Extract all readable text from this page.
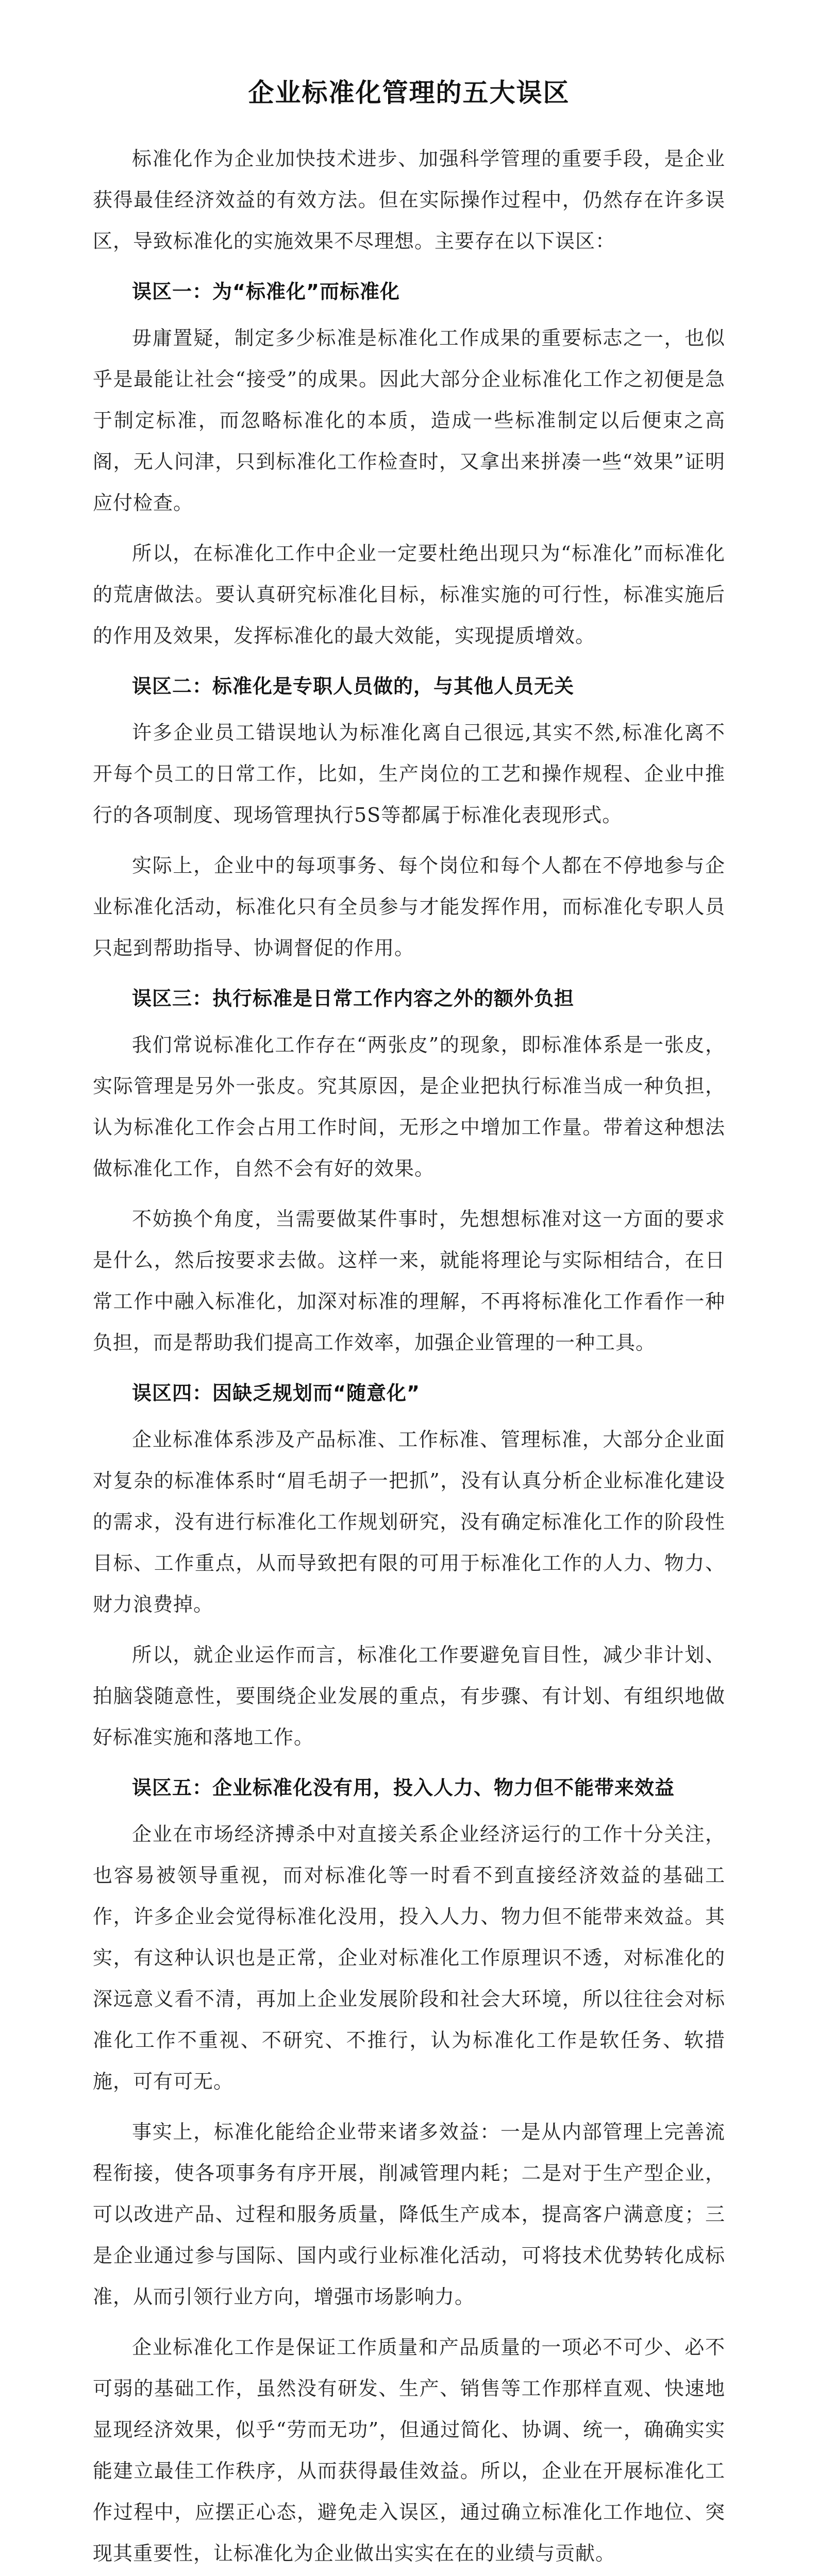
企业标准化管理的五大误区

标准化作为企业加快技术进步、加强科学管理的重要手段，是企业获得最佳经济效益的有效方法。但在实际操作过程中，仍然存在许多误区，导致标准化的实施效果不尽理想。主要存在以下误区：

误区一：为“标准化”而标准化

毋庸置疑，制定多少标准是标准化工作成果的重要标志之一，也似乎是最能让社会“接受”的成果。因此大部分企业标准化工作之初便是急于制定标准，而忽略标准化的本质，造成一些标准制定以后便束之高阁，无人问津，只到标准化工作检查时，又拿出来拼凑一些“效果”证明应付检查。

所以，在标准化工作中企业一定要杜绝出现只为“标准化”而标准化的荒唐做法。要认真研究标准化目标，标准实施的可行性，标准实施后的作用及效果，发挥标准化的最大效能，实现提质增效。

误区二：标准化是专职人员做的，与其他人员无关

许多企业员工错误地认为标准化离自己很远,其实不然,标准化离不开每个员工的日常工作，比如，生产岗位的工艺和操作规程、企业中推行的各项制度、现场管理执行5S等都属于标准化表现形式。

实际上，企业中的每项事务、每个岗位和每个人都在不停地参与企业标准化活动，标准化只有全员参与才能发挥作用，而标准化专职人员只起到帮助指导、协调督促的作用。

误区三：执行标准是日常工作内容之外的额外负担

我们常说标准化工作存在“两张皮”的现象，即标准体系是一张皮，实际管理是另外一张皮。究其原因，是企业把执行标准当成一种负担，认为标准化工作会占用工作时间，无形之中增加工作量。带着这种想法做标准化工作，自然不会有好的效果。

不妨换个角度，当需要做某件事时，先想想标准对这一方面的要求是什么，然后按要求去做。这样一来，就能将理论与实际相结合，在日常工作中融入标准化，加深对标准的理解，不再将标准化工作看作一种负担，而是帮助我们提高工作效率，加强企业管理的一种工具。

误区四：因缺乏规划而“随意化”

企业标准体系涉及产品标准、工作标准、管理标准，大部分企业面对复杂的标准体系时“眉毛胡子一把抓”，没有认真分析企业标准化建设的需求，没有进行标准化工作规划研究，没有确定标准化工作的阶段性目标、工作重点，从而导致把有限的可用于标准化工作的人力、物力、财力浪费掉。

所以，就企业运作而言，标准化工作要避免盲目性，减少非计划、拍脑袋随意性，要围绕企业发展的重点，有步骤、有计划、有组织地做好标准实施和落地工作。

误区五：企业标准化没有用，投入人力、物力但不能带来效益

企业在市场经济搏杀中对直接关系企业经济运行的工作十分关注，也容易被领导重视，而对标准化等一时看不到直接经济效益的基础工作，许多企业会觉得标准化没用，投入人力、物力但不能带来效益。其实，有这种认识也是正常，企业对标准化工作原理识不透，对标准化的深远意义看不清，再加上企业发展阶段和社会大环境，所以往往会对标准化工作不重视、不研究、不推行，认为标准化工作是软任务、软措施，可有可无。

事实上，标准化能给企业带来诸多效益：一是从内部管理上完善流程衔接，使各项事务有序开展，削减管理内耗；二是对于生产型企业，可以改进产品、过程和服务质量，降低生产成本，提高客户满意度；三是企业通过参与国际、国内或行业标准化活动，可将技术优势转化成标准，从而引领行业方向，增强市场影响力。

企业标准化工作是保证工作质量和产品质量的一项必不可少、必不可弱的基础工作，虽然没有研发、生产、销售等工作那样直观、快速地显现经济效果，似乎“劳而无功”，但通过简化、协调、统一，确确实实能建立最佳工作秩序，从而获得最佳效益。所以，企业在开展标准化工作过程中，应摆正心态，避免走入误区，通过确立标准化工作地位、突现其重要性，让标准化为企业做出实实在在的业绩与贡献。
